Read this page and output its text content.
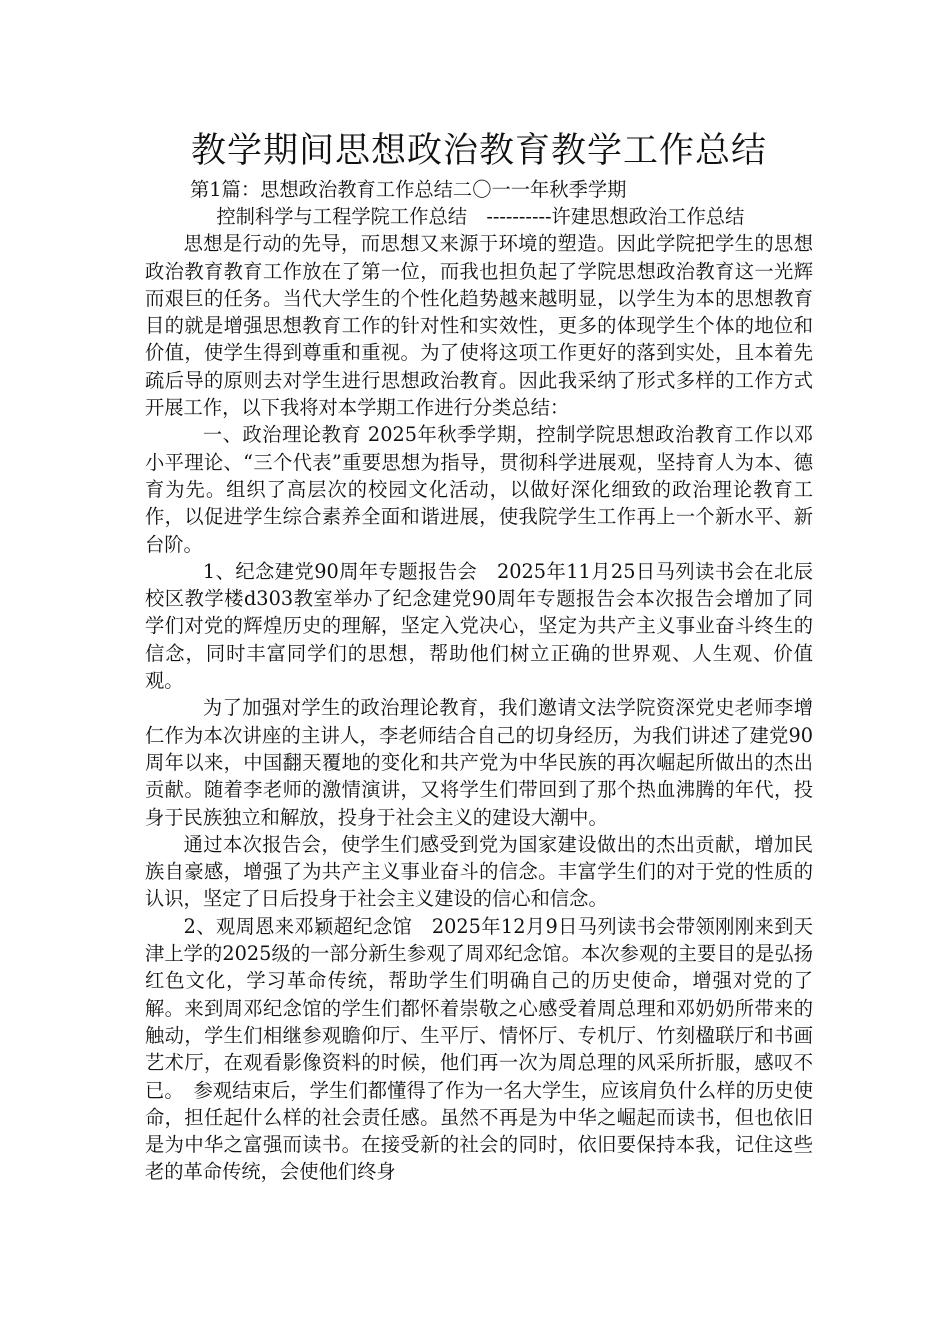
教学期间思想政治教育教学工作总结

第1篇：思想政治教育工作总结二〇一一年秋季学期

控制科学与工程学院工作总结　----------许建思想政治工作总结

思想是行动的先导，而思想又来源于环境的塑造。因此学院把学生的思想政治教育教育工作放在了第一位，而我也担负起了学院思想政治教育这一光辉而艰巨的任务。当代大学生的个性化趋势越来越明显，以学生为本的思想教育目的就是增强思想教育工作的针对性和实效性，更多的体现学生个体的地位和价值，使学生得到尊重和重视。为了使将这项工作更好的落到实处，且本着先疏后导的原则去对学生进行思想政治教育。因此我采纳了形式多样的工作方式开展工作，以下我将对本学期工作进行分类总结：

一、政治理论教育 2025年秋季学期，控制学院思想政治教育工作以邓小平理论、“三个代表”重要思想为指导，贯彻科学进展观，坚持育人为本、德育为先。组织了高层次的校园文化活动，以做好深化细致的政治理论教育工作，以促进学生综合素养全面和谐进展，使我院学生工作再上一个新水平、新台阶。

1、纪念建党90周年专题报告会　2025年11月25日马列读书会在北辰校区教学楼d303教室举办了纪念建党90周年专题报告会本次报告会增加了同学们对党的辉煌历史的理解，坚定入党决心，坚定为共产主义事业奋斗终生的信念，同时丰富同学们的思想，帮助他们树立正确的世界观、人生观、价值观。

为了加强对学生的政治理论教育，我们邀请文法学院资深党史老师李增仁作为本次讲座的主讲人，李老师结合自己的切身经历，为我们讲述了建党90周年以来，中国翻天覆地的变化和共产党为中华民族的再次崛起所做出的杰出贡献。随着李老师的激情演讲，又将学生们带回到了那个热血沸腾的年代，投身于民族独立和解放，投身于社会主义的建设大潮中。

通过本次报告会，使学生们感受到党为国家建设做出的杰出贡献，增加民族自豪感，增强了为共产主义事业奋斗的信念。丰富学生们的对于党的性质的认识，坚定了日后投身于社会主义建设的信心和信念。

2、观周恩来邓颖超纪念馆　2025年12月9日马列读书会带领刚刚来到天津上学的2025级的一部分新生参观了周邓纪念馆。本次参观的主要目的是弘扬红色文化，学习革命传统，帮助学生们明确自己的历史使命，增强对党的了解。来到周邓纪念馆的学生们都怀着崇敬之心感受着周总理和邓奶奶所带来的触动，学生们相继参观瞻仰厅、生平厅、情怀厅、专机厅、竹刻楹联厅和书画艺术厅，在观看影像资料的时候，他们再一次为周总理的风采所折服，感叹不已。　参观结束后，学生们都懂得了作为一名大学生，应该肩负什么样的历史使命，担任起什么样的社会责任感。虽然不再是为中华之崛起而读书，但也依旧是为中华之富强而读书。在接受新的社会的同时，依旧要保持本我，记住这些老的革命传统，会使他们终身
